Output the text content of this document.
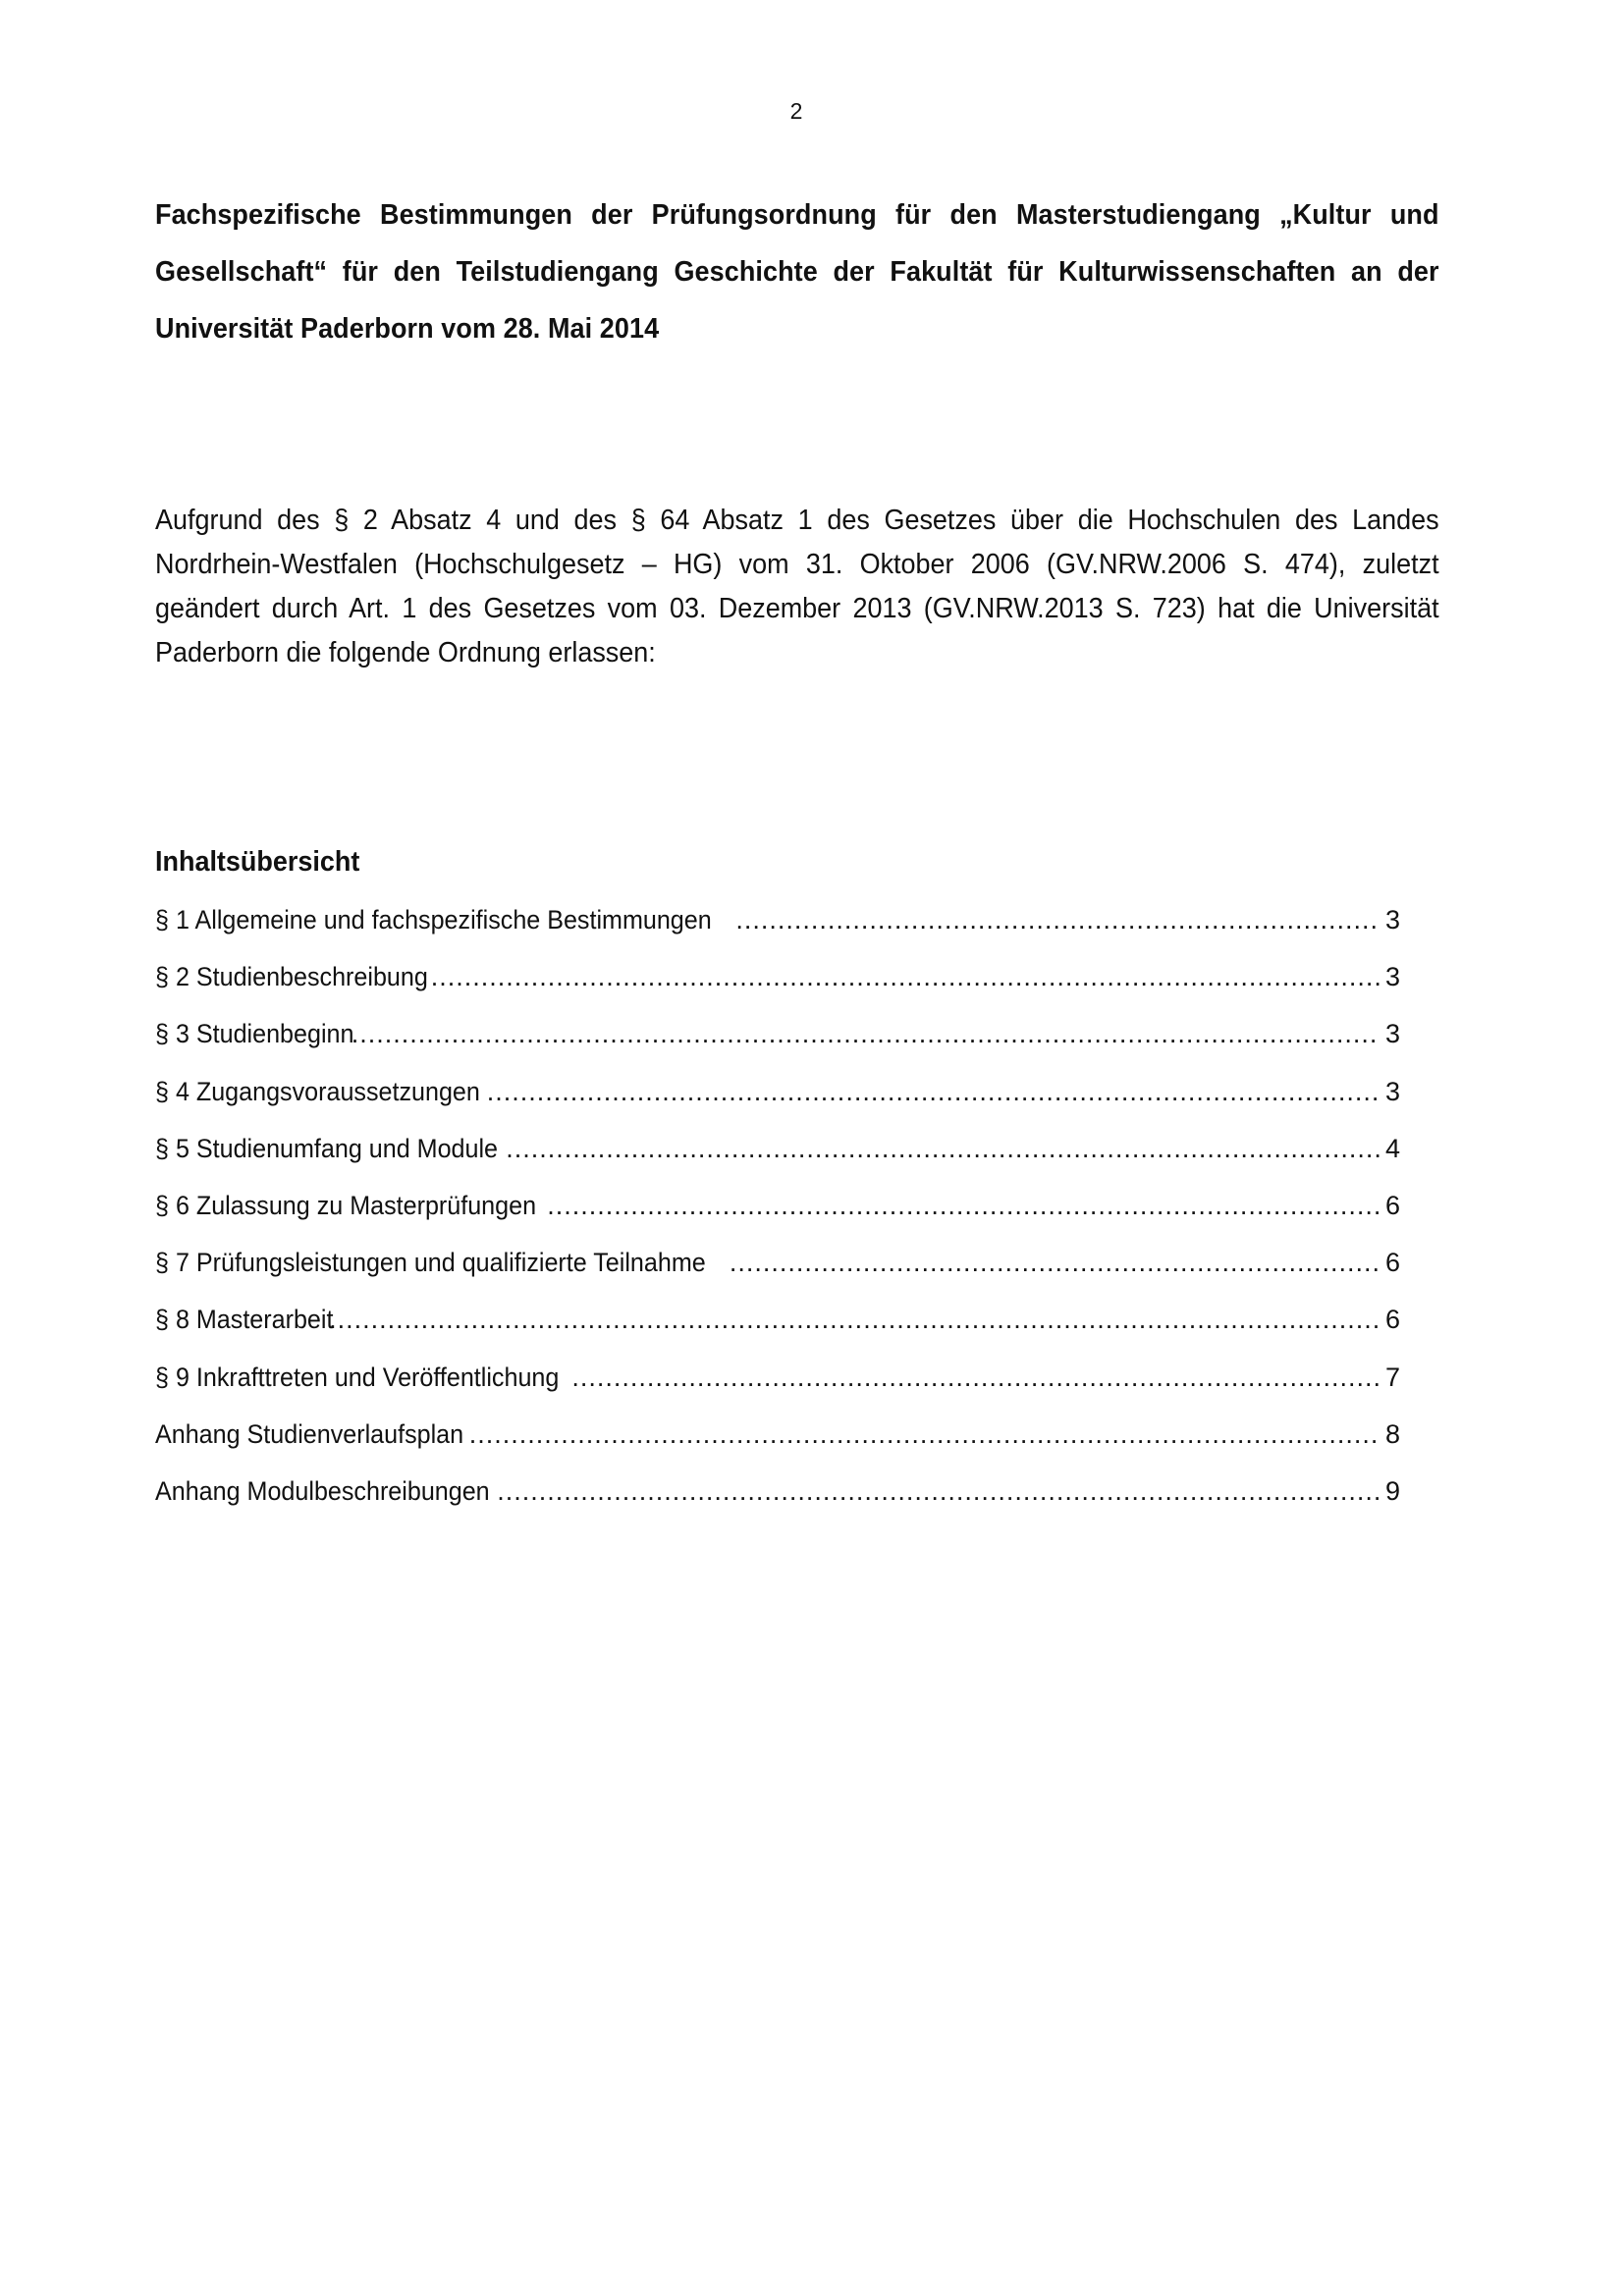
2
Fachspezifische Bestimmungen der Prüfungsordnung für den Masterstudiengang „Kultur und Gesellschaft“ für den Teilstudiengang Geschichte der Fakultät für Kulturwissenschaften an der Universität Paderborn vom 28. Mai 2014

Aufgrund des § 2 Absatz 4 und des § 64 Absatz 1 des Gesetzes über die Hochschulen des Landes Nordrhein-Westfalen (Hochschulgesetz – HG) vom 31. Oktober 2006 (GV.NRW.2006 S. 474), zuletzt geändert durch Art. 1 des Gesetzes vom 03. Dezember 2013 (GV.NRW.2013 S. 723) hat die Universität Paderborn die folgende Ordnung erlassen:

Inhaltsübersicht
§ 1 Allgemeine und fachspezifische Bestimmungen .....	3
§ 2 Studienbeschreibung .....	3
§ 3 Studienbeginn .....	3
§ 4 Zugangsvoraussetzungen .....	3
§ 5 Studienumfang und Module .....	4
§ 6 Zulassung zu Masterprüfungen .....	6
§ 7 Prüfungsleistungen und qualifizierte Teilnahme .....	6
§ 8 Masterarbeit .....	6
§ 9 Inkrafttreten und Veröffentlichung .....	7
Anhang Studienverlaufsplan .....	8
Anhang Modulbeschreibungen .....	9
